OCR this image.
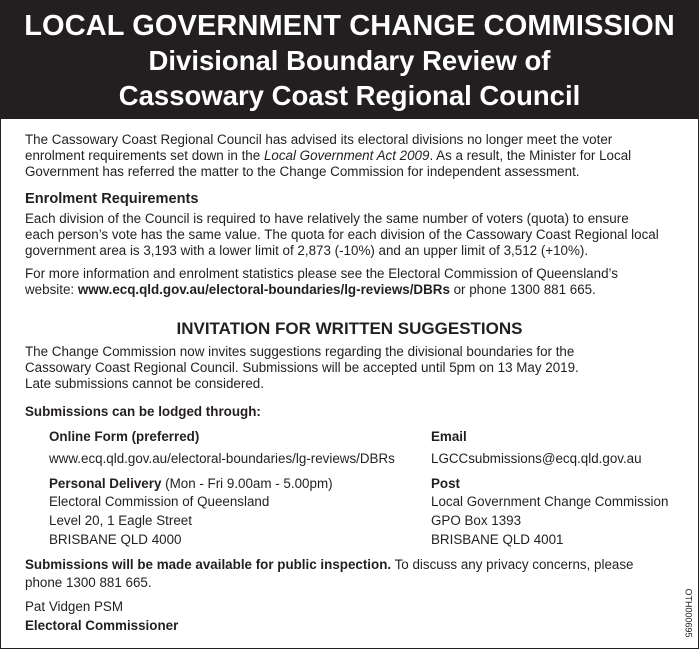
LOCAL GOVERNMENT CHANGE COMMISSION
Divisional Boundary Review of
Cassowary Coast Regional Council
The Cassowary Coast Regional Council has advised its electoral divisions no longer meet the voter
enrolment requirements set down in the Local Government Act 2009. As a result, the Minister for Local
Government has referred the matter to the Change Commission for independent assessment.
Enrolment Requirements
Each division of the Council is required to have relatively the same number of voters (quota) to ensure
each person’s vote has the same value. The quota for each division of the Cassowary Coast Regional local
government area is 3,193 with a lower limit of 2,873 (-10%) and an upper limit of 3,512 (+10%).
For more information and enrolment statistics please see the Electoral Commission of Queensland’s
website: www.ecq.qld.gov.au/electoral-boundaries/lg-reviews/DBRs or phone 1300 881 665.
INVITATION FOR WRITTEN SUGGESTIONS
The Change Commission now invites suggestions regarding the divisional boundaries for the
Cassowary Coast Regional Council. Submissions will be accepted until 5pm on 13 May 2019.
Late submissions cannot be considered.
Submissions can be lodged through:
Online Form (preferred)
www.ecq.qld.gov.au/electoral-boundaries/lg-reviews/DBRs
Personal Delivery (Mon - Fri 9.00am - 5.00pm)
Electoral Commission of Queensland
Level 20, 1 Eagle Street
BRISBANE QLD 4000
Email
LGCCsubmissions@ecq.qld.gov.au
Post
Local Government Change Commission
GPO Box 1393
BRISBANE QLD 4001
Submissions will be made available for public inspection. To discuss any privacy concerns, please
phone 1300 881 665.
Pat Vidgen PSM
Electoral Commissioner	OTH000695
